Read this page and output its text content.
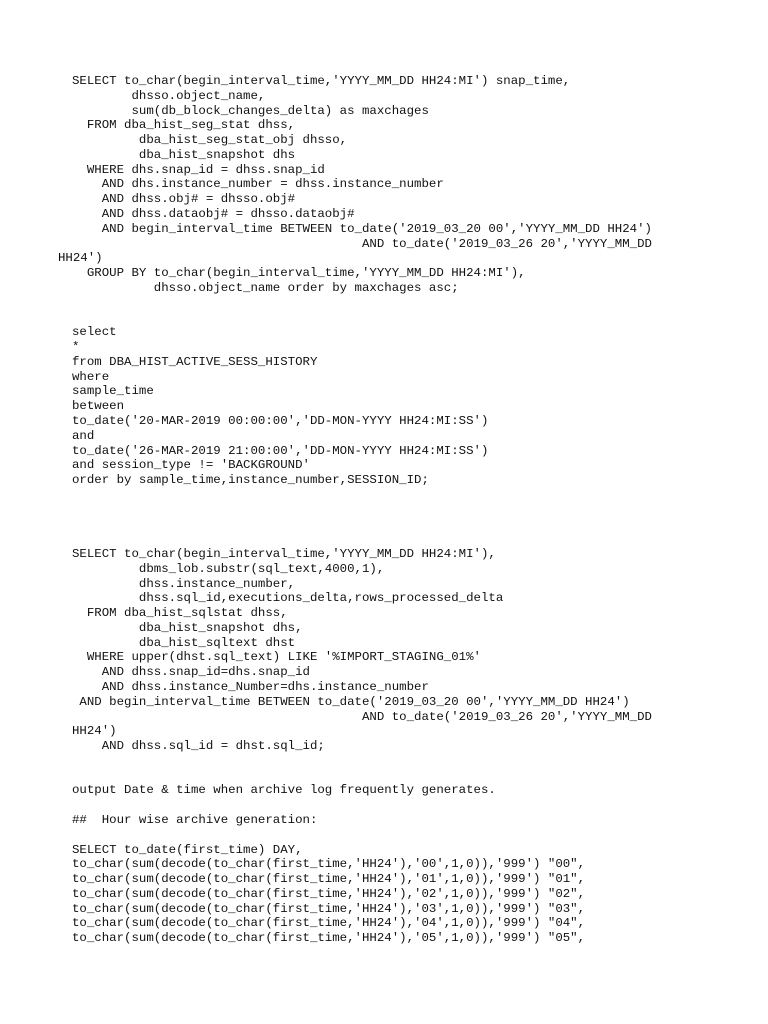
SELECT to_char(begin_interval_time,'YYYY_MM_DD HH24:MI') snap_time,
dhsso.object_name,
sum(db_block_changes_delta) as maxchages
FROM dba_hist_seg_stat dhss,
dba_hist_seg_stat_obj dhsso,
dba_hist_snapshot dhs
WHERE dhs.snap_id = dhss.snap_id
AND dhs.instance_number = dhss.instance_number
AND dhss.obj# = dhsso.obj#
AND dhss.dataobj# = dhsso.dataobj#
AND begin_interval_time BETWEEN to_date('2019_03_20 00','YYYY_MM_DD HH24')
AND to_date('2019_03_26 20','YYYY_MM_DD
HH24')
GROUP BY to_char(begin_interval_time,'YYYY_MM_DD HH24:MI'),
dhsso.object_name order by maxchages asc;
select
*
from DBA_HIST_ACTIVE_SESS_HISTORY
where
sample_time
between
to_date('20-MAR-2019 00:00:00','DD-MON-YYYY HH24:MI:SS')
and
to_date('26-MAR-2019 21:00:00','DD-MON-YYYY HH24:MI:SS')
and session_type != 'BACKGROUND'
order by sample_time,instance_number,SESSION_ID;
SELECT to_char(begin_interval_time,'YYYY_MM_DD HH24:MI'),
dbms_lob.substr(sql_text,4000,1),
dhss.instance_number,
dhss.sql_id,executions_delta,rows_processed_delta
FROM dba_hist_sqlstat dhss,
dba_hist_snapshot dhs,
dba_hist_sqltext dhst
WHERE upper(dhst.sql_text) LIKE '%IMPORT_STAGING_01%'
AND dhss.snap_id=dhs.snap_id
AND dhss.instance_Number=dhs.instance_number
AND begin_interval_time BETWEEN to_date('2019_03_20 00','YYYY_MM_DD HH24')
AND to_date('2019_03_26 20','YYYY_MM_DD
HH24')
AND dhss.sql_id = dhst.sql_id;
output Date & time when archive log frequently generates.
##  Hour wise archive generation:
SELECT to_date(first_time) DAY,
to_char(sum(decode(to_char(first_time,'HH24'),'00',1,0)),'999') "00",
to_char(sum(decode(to_char(first_time,'HH24'),'01',1,0)),'999') "01",
to_char(sum(decode(to_char(first_time,'HH24'),'02',1,0)),'999') "02",
to_char(sum(decode(to_char(first_time,'HH24'),'03',1,0)),'999') "03",
to_char(sum(decode(to_char(first_time,'HH24'),'04',1,0)),'999') "04",
to_char(sum(decode(to_char(first_time,'HH24'),'05',1,0)),'999') "05",
